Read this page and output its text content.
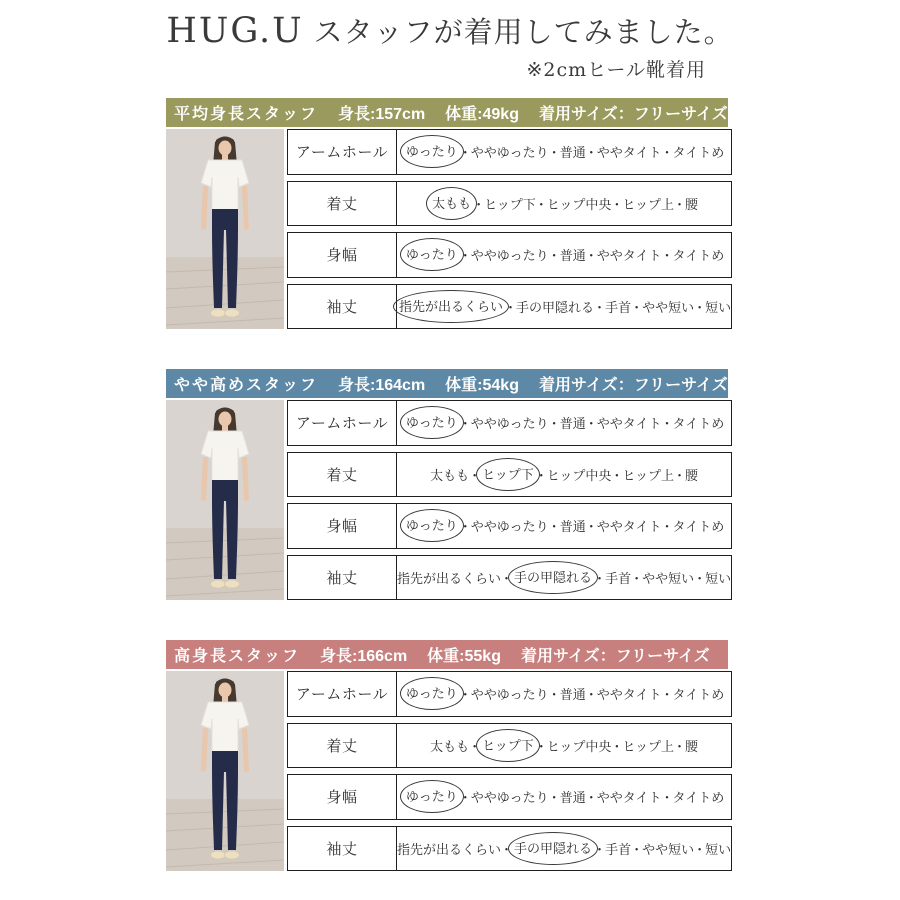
HUG.U スタッフが着用してみました。
※2cmヒール靴着用
平均身長スタッフ 身長:157cm 体重:49kg 着用サイズ：フリーサイズ
アームホール	ゆったり ・ ややゆったり ・ 普通 ・ ややタイト ・ タイトめ
着丈	太もも ・ ヒップ下 ・ ヒップ中央 ・ ヒップ上 ・ 腰
身幅	ゆったり ・ ややゆったり ・ 普通 ・ ややタイト ・ タイトめ
袖丈	指先が出るくらい ・ 手の甲隠れる ・ 手首 ・ やや短い ・ 短い
やや高めスタッフ 身長:164cm 体重:54kg 着用サイズ：フリーサイズ
アームホール	ゆったり ・ ややゆったり ・ 普通 ・ ややタイト ・ タイトめ
着丈	太もも ・ ヒップ下 ・ ヒップ中央 ・ ヒップ上 ・ 腰
身幅	ゆったり ・ ややゆったり ・ 普通 ・ ややタイト ・ タイトめ
袖丈	指先が出るくらい ・ 手の甲隠れる ・ 手首 ・ やや短い ・ 短い
高身長スタッフ 身長:166cm 体重:55kg 着用サイズ：フリーサイズ
アームホール	ゆったり ・ ややゆったり ・ 普通 ・ ややタイト ・ タイトめ
着丈	太もも ・ ヒップ下 ・ ヒップ中央 ・ ヒップ上 ・ 腰
身幅	ゆったり ・ ややゆったり ・ 普通 ・ ややタイト ・ タイトめ
袖丈	指先が出るくらい ・ 手の甲隠れる ・ 手首 ・ やや短い ・ 短い
